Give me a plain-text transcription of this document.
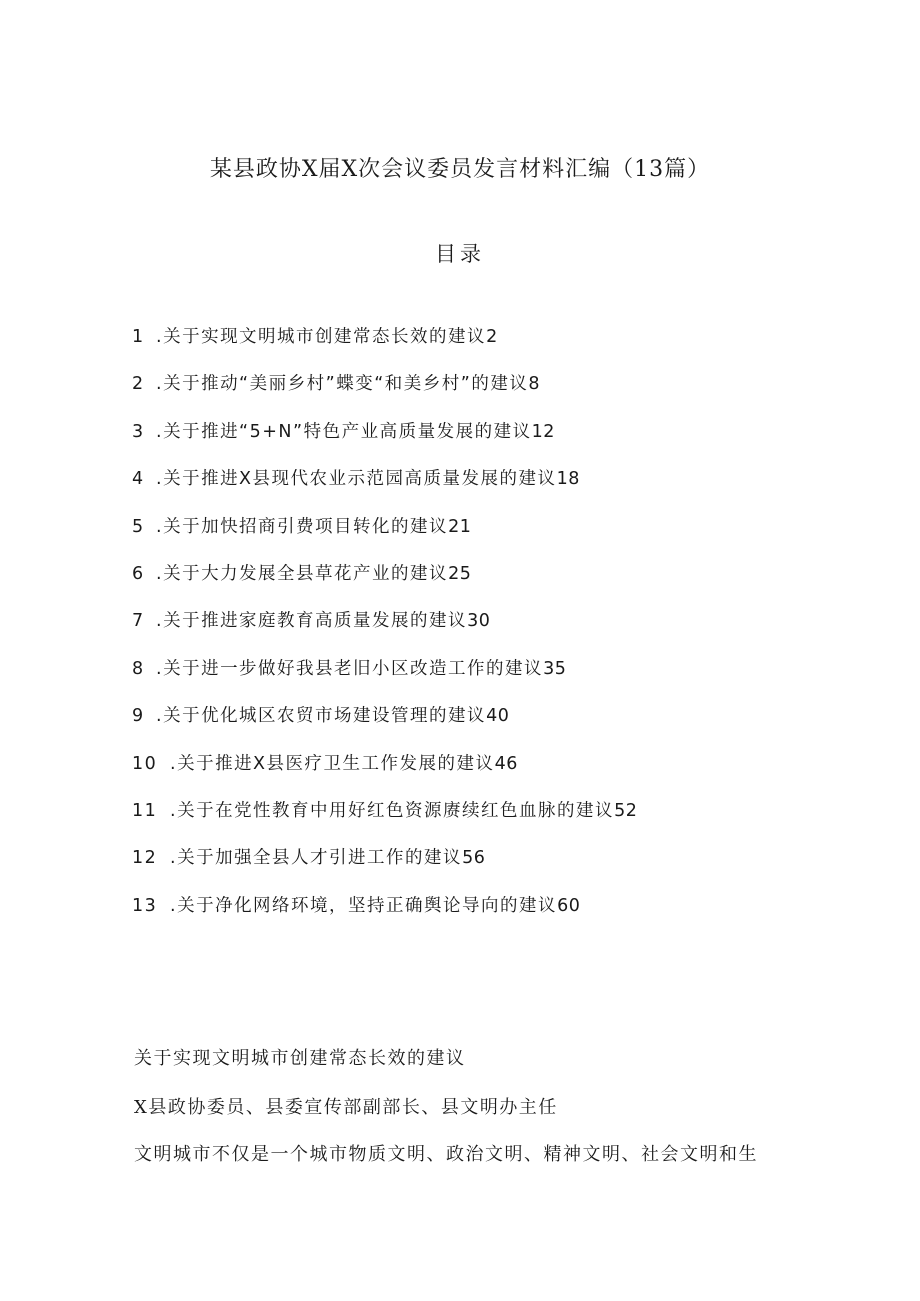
某县政协X届X次会议委员发言材料汇编（13篇）
目录
1 .关于实现文明城市创建常态长效的建议2
2 .关于推动“美丽乡村”蝶变“和美乡村”的建议8
3 .关于推进“5+N”特色产业高质量发展的建议12
4 .关于推进X县现代农业示范园高质量发展的建议18
5 .关于加快招商引费项目转化的建议21
6 .关于大力发展全县草花产业的建议25
7 .关于推进家庭教育高质量发展的建议30
8 .关于进一步做好我县老旧小区改造工作的建议35
9 .关于优化城区农贸市场建设管理的建议40
10 .关于推进X县医疗卫生工作发展的建议46
11 .关于在党性教育中用好红色资源赓续红色血脉的建议52
12 .关于加强全县人才引进工作的建议56
13 .关于净化网络环境，坚持正确舆论导向的建议60
关于实现文明城市创建常态长效的建议
X县政协委员、县委宣传部副部长、县文明办主任
文明城市不仅是一个城市物质文明、政治文明、精神文明、社会文明和生
